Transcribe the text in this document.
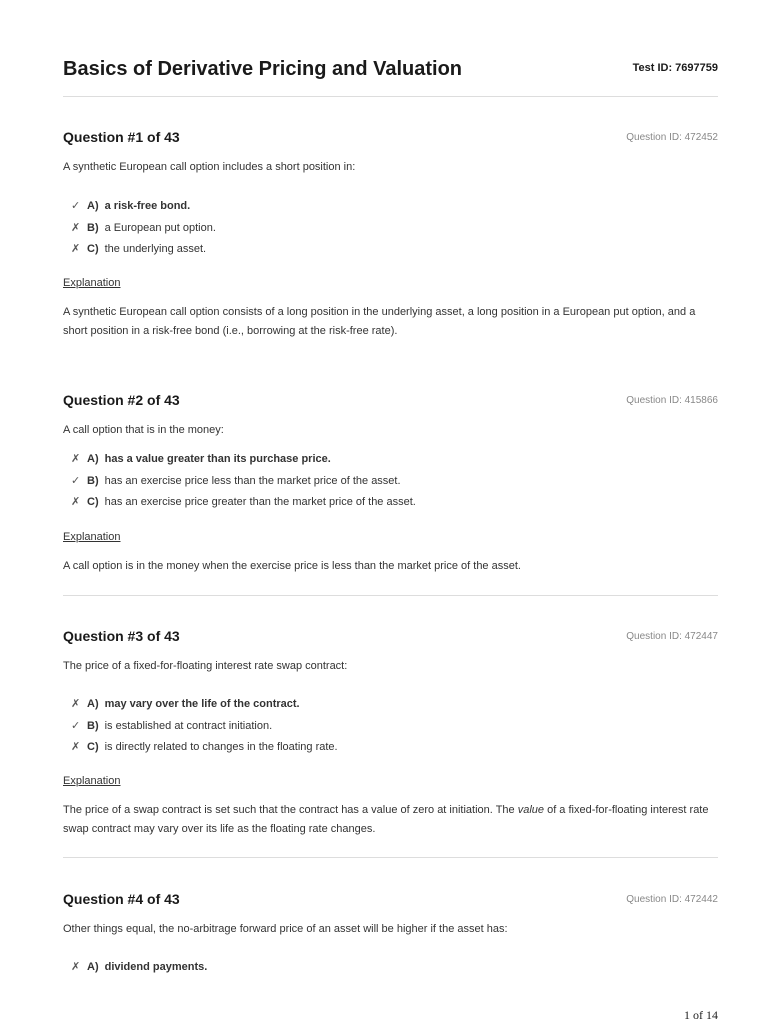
Basics of Derivative Pricing and Valuation	Test ID: 7697759
Question #1 of 43	Question ID: 472452
A synthetic European call option includes a short position in:
✓ A) a risk-free bond.
✗ B) a European put option.
✗ C) the underlying asset.
Explanation
A synthetic European call option consists of a long position in the underlying asset, a long position in a European put option, and a short position in a risk-free bond (i.e., borrowing at the risk-free rate).
Question #2 of 43	Question ID: 415866
A call option that is in the money:
✗ A) has a value greater than its purchase price.
✓ B) has an exercise price less than the market price of the asset.
✗ C) has an exercise price greater than the market price of the asset.
Explanation
A call option is in the money when the exercise price is less than the market price of the asset.
Question #3 of 43	Question ID: 472447
The price of a fixed-for-floating interest rate swap contract:
✗ A) may vary over the life of the contract.
✓ B) is established at contract initiation.
✗ C) is directly related to changes in the floating rate.
Explanation
The price of a swap contract is set such that the contract has a value of zero at initiation. The value of a fixed-for-floating interest rate swap contract may vary over its life as the floating rate changes.
Question #4 of 43	Question ID: 472442
Other things equal, the no-arbitrage forward price of an asset will be higher if the asset has:
✗ A) dividend payments.
1 of 14
